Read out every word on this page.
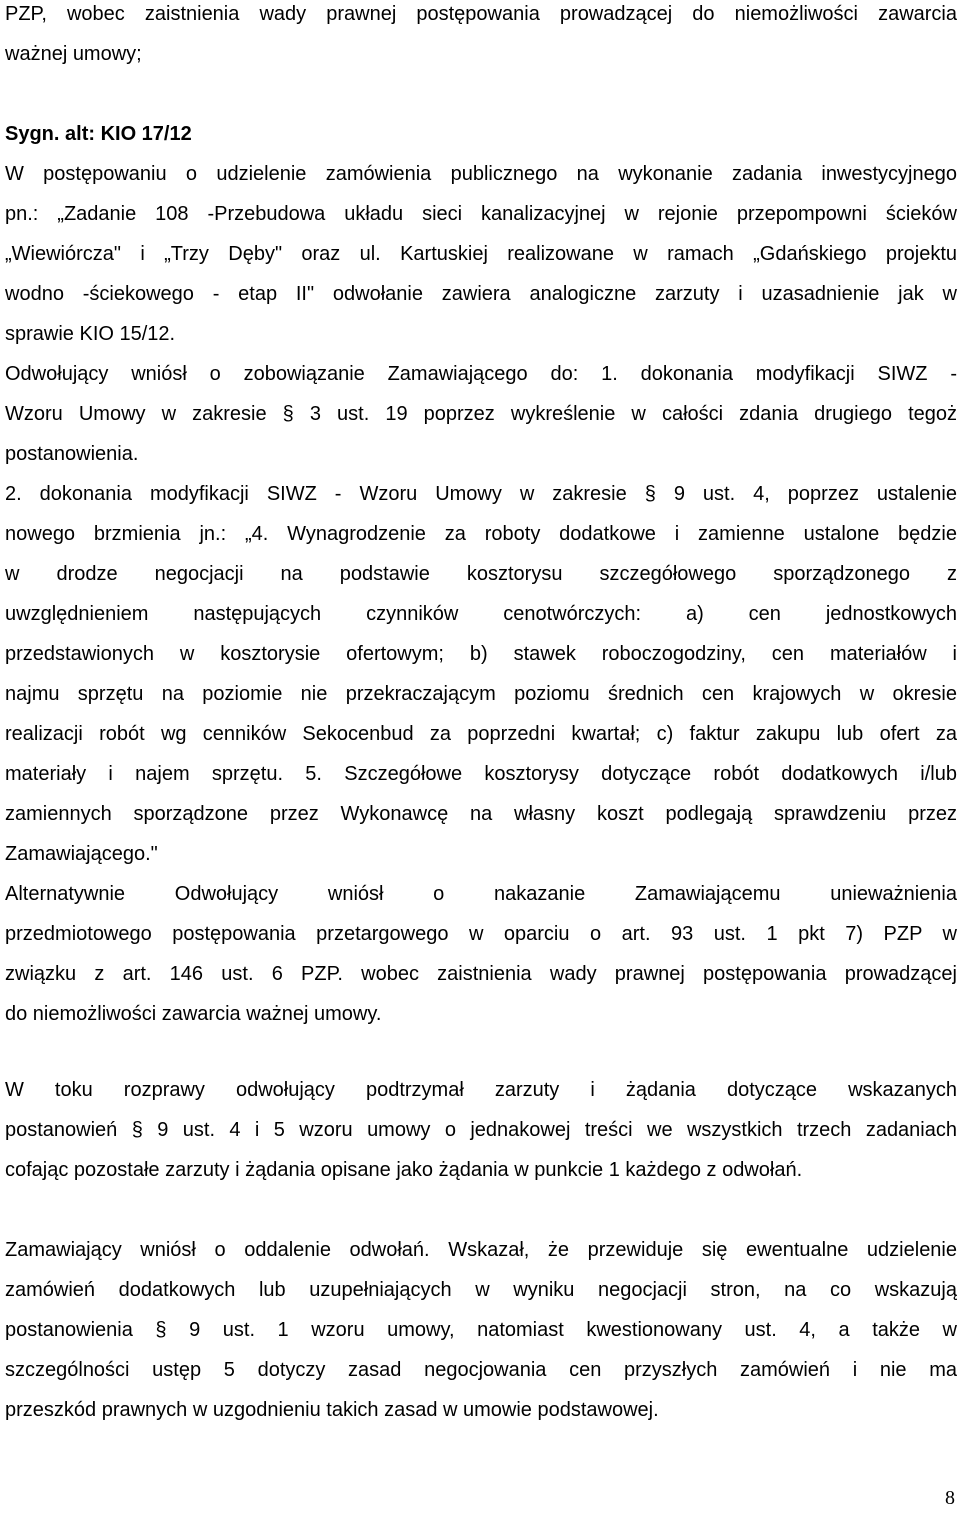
PZP, wobec zaistnienia wady prawnej postępowania prowadzącej do niemożliwości zawarcia
ważnej umowy;
Sygn. alt: KIO 17/12
W postępowaniu o udzielenie zamówienia publicznego na wykonanie zadania inwestycyjnego
pn.: „Zadanie 108 -Przebudowa układu sieci kanalizacyjnej w rejonie przepompowni ścieków
„Wiewiórcza" i „Trzy Dęby" oraz ul. Kartuskiej realizowane w ramach „Gdańskiego projektu
wodno -ściekowego - etap II" odwołanie zawiera analogiczne zarzuty i uzasadnienie jak w
sprawie KIO 15/12.
Odwołujący wniósł o zobowiązanie Zamawiającego do: 1. dokonania modyfikacji SIWZ -
Wzoru Umowy w zakresie § 3 ust. 19 poprzez wykreślenie w całości zdania drugiego tegoż
postanowienia.
2. dokonania modyfikacji SIWZ - Wzoru Umowy w zakresie § 9 ust. 4, poprzez ustalenie
nowego brzmienia jn.: „4. Wynagrodzenie za roboty dodatkowe i zamienne ustalone będzie
w drodze negocjacji na podstawie kosztorysu szczegółowego sporządzonego z
uwzględnieniem następujących czynników cenotwórczych: a) cen jednostkowych
przedstawionych w kosztorysie ofertowym; b) stawek roboczogodziny, cen materiałów i
najmu sprzętu na poziomie nie przekraczającym poziomu średnich cen krajowych w okresie
realizacji robót wg cenników Sekocenbud za poprzedni kwartał; c) faktur zakupu lub ofert za
materiały i najem sprzętu. 5. Szczegółowe kosztorysy dotyczące robót dodatkowych i/lub
zamiennych sporządzone przez Wykonawcę na własny koszt podlegają sprawdzeniu przez
Zamawiającego."
Alternatywnie Odwołujący wniósł o nakazanie Zamawiającemu unieważnienia
przedmiotowego postępowania przetargowego w oparciu o art. 93 ust. 1 pkt 7) PZP w
związku z art. 146 ust. 6 PZP. wobec zaistnienia wady prawnej postępowania prowadzącej
do niemożliwości zawarcia ważnej umowy.
W toku rozprawy odwołujący podtrzymał zarzuty i żądania dotyczące wskazanych
postanowień § 9 ust. 4 i 5 wzoru umowy o jednakowej treści we wszystkich trzech zadaniach
cofając pozostałe zarzuty i żądania opisane jako żądania w punkcie 1 każdego z odwołań.
Zamawiający wniósł o oddalenie odwołań. Wskazał, że przewiduje się ewentualne udzielenie
zamówień dodatkowych lub uzupełniających w wyniku negocjacji stron, na co wskazują
postanowienia § 9 ust. 1 wzoru umowy, natomiast kwestionowany ust. 4, a także w
szczególności ustęp 5 dotyczy zasad negocjowania cen przyszłych zamówień i nie ma
przeszkód prawnych w uzgodnieniu takich zasad w umowie podstawowej.
8
